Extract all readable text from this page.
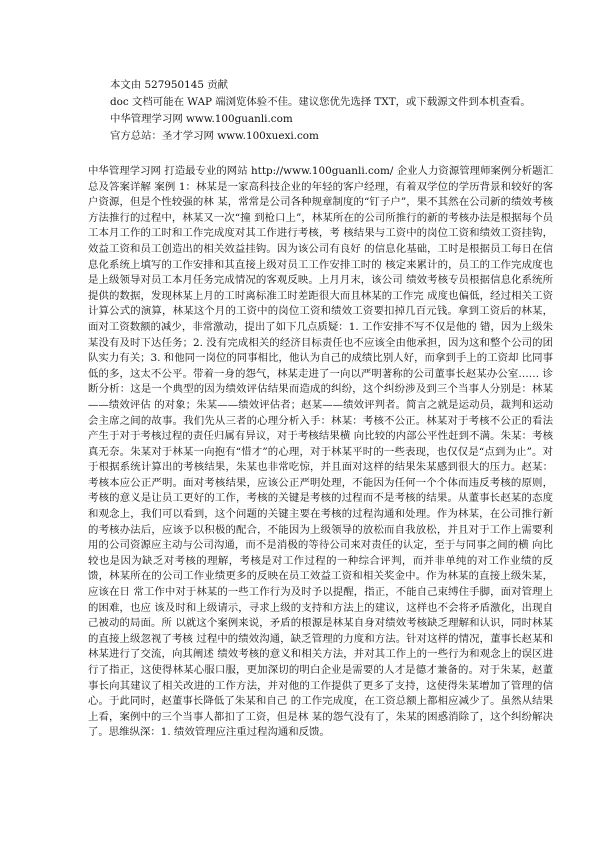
本文由 527950145 贡献
doc 文档可能在 WAP 端浏览体验不佳。建议您优先选择 TXT，或下载源文件到本机查看。
中华管理学习网 www.100guanli.com
官方总站：圣才学习网 www.100xuexi.com
中华管理学习网 打造最专业的网站 http://www.100guanli.com/ 企业人力资源管理师案例分析题汇总及答案详解 案例 1：林某是一家高科技企业的年轻的客户经理，有着双学位的学历背景和较好的客户资源，但是个性较强的林 某，常常是公司各种规章制度的“钉子户”，果不其然在公司新的绩效考核方法推行的过程中，林某又一次“撞 到枪口上”，林某所在的公司所推行的新的考核办法是根据每个员工本月工作的工时和工作完成度对其工作进行考核，考 核结果与工资中的岗位工资和绩效工资挂钩，效益工资和员工创造出的相关效益挂钩。因为该公司有良好 的信息化基础，工时是根据员工每日在信息化系统上填写的工作安排和其直接上级对员工工作安排工时的 核定来累计的，员工的工作完成度也是上级领导对员工本月任务完成情况的客观反映。上月月末，该公司 绩效考核专员根据信息化系统所提供的数据，发现林某上月的工时离标准工时差距很大而且林某的工作完 成度也偏低，经过相关工资计算公式的演算，林某这个月的工资中的岗位工资和绩效工资要扣掉几百元钱。拿到工资后的林某，面对工资数额的减少，非常激动，提出了如下几点质疑：1. 工作安排不写不仅是他的 错，因为上级朱某没有及时下达任务；2. 没有完成相关的经济目标责任也不应该全由他承担，因为这和整个公司的团队实力有关；3. 和他同一岗位的同事相比，他认为自己的成绩比别人好，而拿到手上的工资却 比同事低的多，这太不公平。带着一身的怨气，林某走进了一向以严明著称的公司董事长赵某办公室…… 诊断分析：这是一个典型的因为绩效评估结果而造成的纠纷，这个纠纷涉及到三个当事人分别是：林某——绩效评估 的对象；朱某——绩效评估者；赵某——绩效评判者。简言之就是运动员，裁判和运动会主席之间的故事。我们先从三者的心理分析入手：林某：考核不公正。林某对于考核不公正的看法产生于对于考核过程的责任归属有异议，对于考核结果横 向比较的内部公平性赶到不满。朱某：考核真无奈。朱某对于林某一向抱有“惜才”的心理，对于林某平时的一些表现，也仅仅是“点到为止”。对于根据系统计算出的考核结果，朱某也非常吃惊，并且面对这样的结果朱某感到很大的压力。赵某：考核本应公正严明。面对考核结果，应该公正严明处理，不能因为任何一个个体而违反考核的原则，考核的意义是让员工更好的工作，考核的关键是考核的过程而不是考核的结果。从董事长赵某的态度和观念上，我们可以看到，这个问题的关键主要在考核的过程沟通和处理。作为林某，在公司推行新的考核办法后，应该予以积极的配合，不能因为上级领导的放松而自我放松，并且对于工作上需要利用的公司资源应主动与公司沟通，而不是消极的等待公司来对责任的认定，至于与同事之间的横 向比较也是因为缺乏对考核的理解，考核是对工作过程的一种综合评判，而并非单纯的对工作业绩的反馈，林某所在的公司工作业绩更多的反映在员工效益工资和相关奖金中。作为林某的直接上级朱某，应该在日 常工作中对于林某的一些工作行为及时予以提醒，指正，不能自己束缚住手脚，面对管理上的困难，也应 该及时和上级请示，寻求上级的支持和方法上的建议，这样也不会将矛盾激化，出现自己被动的局面。所 以就这个案例来说，矛盾的根源是林某自身对绩效考核缺乏理解和认识，同时林某的直接上级忽视了考核 过程中的绩效沟通，缺乏管理的力度和方法。针对这样的情况，董事长赵某和林某进行了交流，向其阐述 绩效考核的意义和相关方法，并对其工作上的一些行为和观念上的误区进行了指正，这使得林某心服口服，更加深切的明白企业是需要的人才是德才兼备的。对于朱某，赵董事长向其建议了相关改进的工作方法，并对他的工作提供了更多了支持，这使得朱某增加了管理的信心。于此同时，赵董事长降低了朱某和自己 的工作完成度，在工资总额上都相应减少了。虽然从结果上看，案例中的三个当事人都扣了工资，但是林 某的怨气没有了，朱某的困惑消除了，这个纠纷解决了。思维纵深：1. 绩效管理应注重过程沟通和反馈。
